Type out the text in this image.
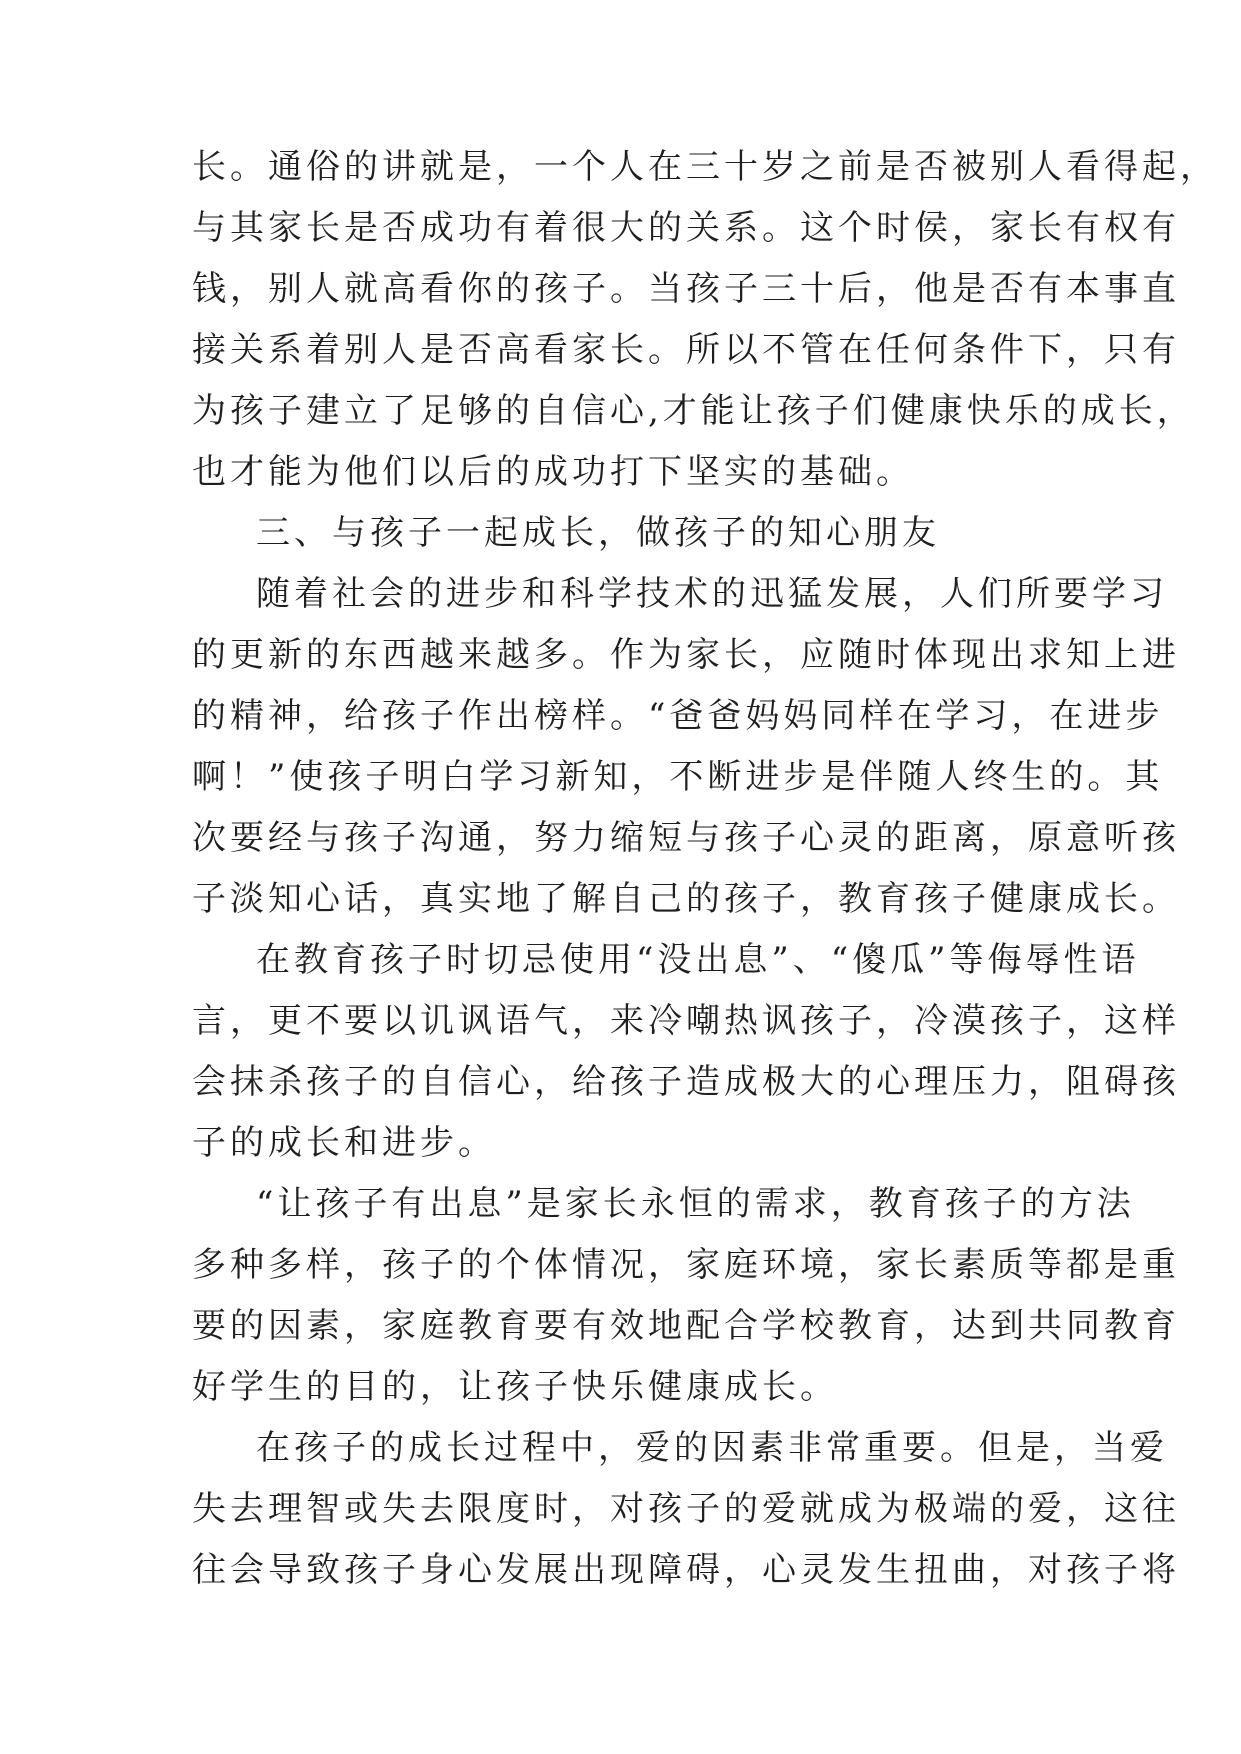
长。通俗的讲就是，一个人在三十岁之前是否被别人看得起，
与其家长是否成功有着很大的关系。这个时侯，家长有权有
钱，别人就高看你的孩子。当孩子三十后，他是否有本事直
接关系着别人是否高看家长。所以不管在任何条件下，只有
为孩子建立了足够的自信心,才能让孩子们健康快乐的成长，
也才能为他们以后的成功打下坚实的基础。
三、与孩子一起成长，做孩子的知心朋友
随着社会的进步和科学技术的迅猛发展，人们所要学习
的更新的东西越来越多。作为家长，应随时体现出求知上进
的精神，给孩子作出榜样。“爸爸妈妈同样在学习，在进步
啊！”使孩子明白学习新知，不断进步是伴随人终生的。其
次要经与孩子沟通，努力缩短与孩子心灵的距离，原意听孩
子淡知心话，真实地了解自己的孩子，教育孩子健康成长。
在教育孩子时切忌使用“没出息”、“傻瓜”等侮辱性语
言，更不要以讥讽语气，来冷嘲热讽孩子，冷漠孩子，这样
会抹杀孩子的自信心，给孩子造成极大的心理压力，阻碍孩
子的成长和进步。
“让孩子有出息”是家长永恒的需求，教育孩子的方法
多种多样，孩子的个体情况，家庭环境，家长素质等都是重
要的因素，家庭教育要有效地配合学校教育，达到共同教育
好学生的目的，让孩子快乐健康成长。
在孩子的成长过程中，爱的因素非常重要。但是，当爱
失去理智或失去限度时，对孩子的爱就成为极端的爱，这往
往会导致孩子身心发展出现障碍，心灵发生扭曲，对孩子将
